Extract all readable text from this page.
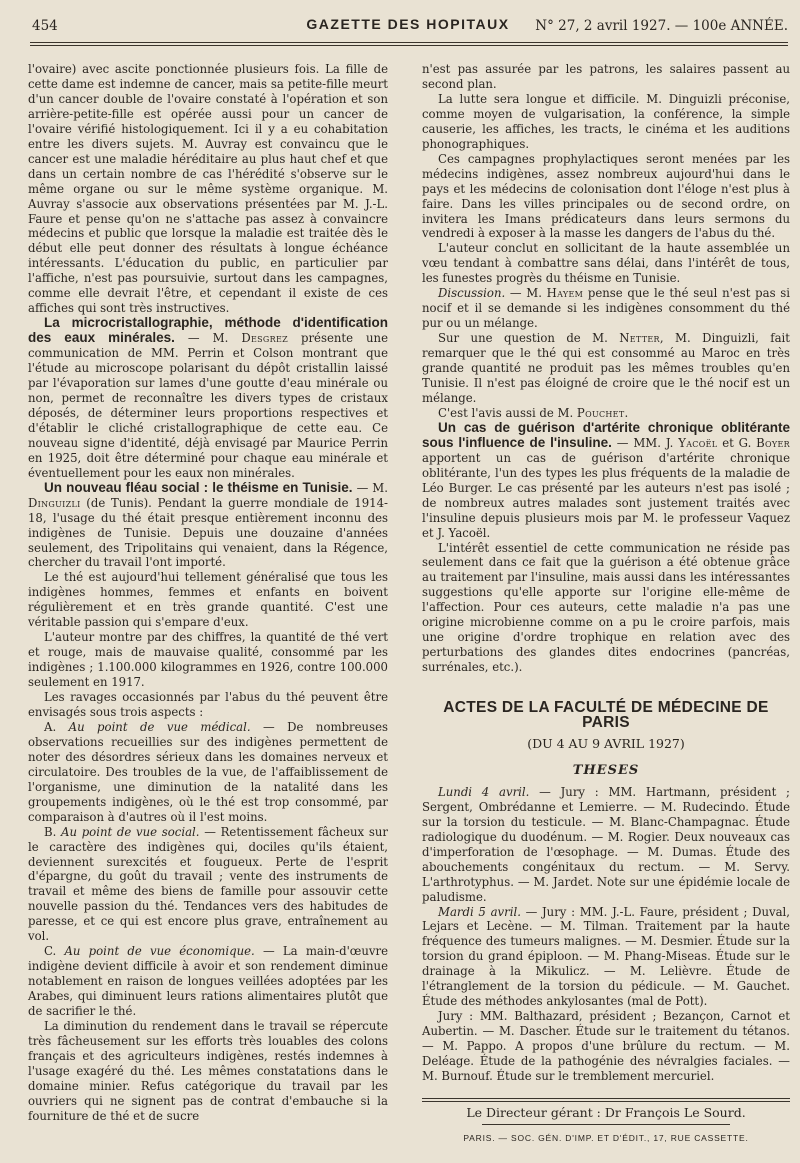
454	GAZETTE DES HOPITAUX	N° 27, 2 avril 1927. — 100e ANNÉE.

l'ovaire) avec ascite ponctionnée plusieurs fois. La fille de cette dame est indemne de cancer, mais sa petite-fille meurt d'un cancer double de l'ovaire constaté à l'opération et son arrière-petite-fille est opérée aussi pour un cancer de l'ovaire vérifié histologiquement. Ici il y a eu cohabitation entre les divers sujets. M. Auvray est convaincu que le cancer est une maladie héréditaire au plus haut chef et que dans un certain nombre de cas l'hérédité s'observe sur le même organe ou sur le même système organique. M. Auvray s'associe aux observations présentées par M. J.-L. Faure et pense qu'on ne s'attache pas assez à convaincre médecins et public que lorsque la maladie est traitée dès le début elle peut donner des résultats à longue échéance intéressants. L'éducation du public, en particulier par l'affiche, n'est pas poursuivie, surtout dans les campagnes, comme elle devrait l'être, et cependant il existe de ces affiches qui sont très instructives.

La microcristallographie, méthode d'identification des eaux minérales. — M. Desgrez présente une communication de MM. Perrin et Colson montrant que l'étude au microscope polarisant du dépôt cristallin laissé par l'évaporation sur lames d'une goutte d'eau minérale ou non, permet de reconnaître les divers types de cristaux déposés, de déterminer leurs proportions respectives et d'établir le cliché cristallographique de cette eau. Ce nouveau signe d'identité, déjà envisagé par Maurice Perrin en 1925, doit être déterminé pour chaque eau minérale et éventuellement pour les eaux non minérales.

Un nouveau fléau social : le théisme en Tunisie. — M. Dinguizli (de Tunis). Pendant la guerre mondiale de 1914-18, l'usage du thé était presque entièrement inconnu des indigènes de Tunisie. Depuis une douzaine d'années seulement, des Tripolitains qui venaient, dans la Régence, chercher du travail l'ont importé.

Le thé est aujourd'hui tellement généralisé que tous les indigènes hommes, femmes et enfants en boivent régulièrement et en très grande quantité. C'est une véritable passion qui s'empare d'eux.

L'auteur montre par des chiffres, la quantité de thé vert et rouge, mais de mauvaise qualité, consommé par les indigènes ; 1.100.000 kilogrammes en 1926, contre 100.000 seulement en 1917.

Les ravages occasionnés par l'abus du thé peuvent être envisagés sous trois aspects :

A. Au point de vue médical. — De nombreuses observations recueillies sur des indigènes permettent de noter des désordres sérieux dans les domaines nerveux et circulatoire. Des troubles de la vue, de l'affaiblissement de l'organisme, une diminution de la natalité dans les groupements indigènes, où le thé est trop consommé, par comparaison à d'autres où il l'est moins.

B. Au point de vue social. — Retentissement fâcheux sur le caractère des indigènes qui, dociles qu'ils étaient, deviennent surexcités et fougueux. Perte de l'esprit d'épargne, du goût du travail ; vente des instruments de travail et même des biens de famille pour assouvir cette nouvelle passion du thé. Tendances vers des habitudes de paresse, et ce qui est encore plus grave, entraînement au vol.

C. Au point de vue économique. — La main-d'œuvre indigène devient difficile à avoir et son rendement diminue notablement en raison de longues veillées adoptées par les Arabes, qui diminuent leurs rations alimentaires plutôt que de sacrifier le thé.

La diminution du rendement dans le travail se répercute très fâcheusement sur les efforts très louables des colons français et des agriculteurs indigènes, restés indemnes à l'usage exagéré du thé. Les mêmes constatations dans le domaine minier. Refus catégorique du travail par les ouvriers qui ne signent pas de contrat d'embauche si la fourniture de thé et de sucre

n'est pas assurée par les patrons, les salaires passent au second plan.

La lutte sera longue et difficile. M. Dinguizli préconise, comme moyen de vulgarisation, la conférence, la simple causerie, les affiches, les tracts, le cinéma et les auditions phonographiques.

Ces campagnes prophylactiques seront menées par les médecins indigènes, assez nombreux aujourd'hui dans le pays et les médecins de colonisation dont l'éloge n'est plus à faire. Dans les villes principales ou de second ordre, on invitera les Imans prédicateurs dans leurs sermons du vendredi à exposer à la masse les dangers de l'abus du thé.

L'auteur conclut en sollicitant de la haute assemblée un vœu tendant à combattre sans délai, dans l'intérêt de tous, les funestes progrès du théisme en Tunisie.

Discussion. — M. Hayem pense que le thé seul n'est pas si nocif et il se demande si les indigènes consomment du thé pur ou un mélange.

Sur une question de M. Netter, M. Dinguizli, fait remarquer que le thé qui est consommé au Maroc en très grande quantité ne produit pas les mêmes troubles qu'en Tunisie. Il n'est pas éloigné de croire que le thé nocif est un mélange.

C'est l'avis aussi de M. Pouchet.

Un cas de guérison d'artérite chronique oblitérante sous l'influence de l'insuline. — MM. J. Yacoël et G. Boyer apportent un cas de guérison d'artérite chronique oblitérante, l'un des types les plus fréquents de la maladie de Léo Burger. Le cas présenté par les auteurs n'est pas isolé ; de nombreux autres malades sont justement traités avec l'insuline depuis plusieurs mois par M. le professeur Vaquez et J. Yacoël.

L'intérêt essentiel de cette communication ne réside pas seulement dans ce fait que la guérison a été obtenue grâce au traitement par l'insuline, mais aussi dans les intéressantes suggestions qu'elle apporte sur l'origine elle-même de l'affection. Pour ces auteurs, cette maladie n'a pas une origine microbienne comme on a pu le croire parfois, mais une origine d'ordre trophique en relation avec des perturbations des glandes dites endocrines (pancréas, surrénales, etc.).

ACTES DE LA FACULTÉ DE MÉDECINE DE PARIS
(DU 4 AU 9 AVRIL 1927)
THESES

Lundi 4 avril. — Jury : MM. Hartmann, président ; Sergent, Ombrédanne et Lemierre. — M. Rudecindo. Étude sur la torsion du testicule. — M. Blanc-Champagnac. Étude radiologique du duodénum. — M. Rogier. Deux nouveaux cas d'imperforation de l'œsophage. — M. Dumas. Étude des abouchements congénitaux du rectum. — M. Servy. L'arthrotyphus. — M. Jardet. Note sur une épidémie locale de paludisme.

Mardi 5 avril. — Jury : MM. J.-L. Faure, président ; Duval, Lejars et Lecène. — M. Tilman. Traitement par la haute fréquence des tumeurs malignes. — M. Desmier. Étude sur la torsion du grand épiploon. — M. Phang-Miseas. Étude sur le drainage à la Mikulicz. — M. Lelièvre. Étude de l'étranglement de la torsion du pédicule. — M. Gauchet. Étude des méthodes ankylosantes (mal de Pott).

Jury : MM. Balthazard, président ; Bezançon, Carnot et Aubertin. — M. Dascher. Étude sur le traitement du tétanos. — M. Pappo. A propos d'une brûlure du rectum. — M. Deléage. Étude de la pathogénie des névralgies faciales. — M. Burnouf. Étude sur le tremblement mercuriel.

Le Directeur gérant : Dr François Le Sourd.
PARIS. — SOC. GÉN. D'IMP. ET D'ÉDIT., 17, RUE CASSETTE.
